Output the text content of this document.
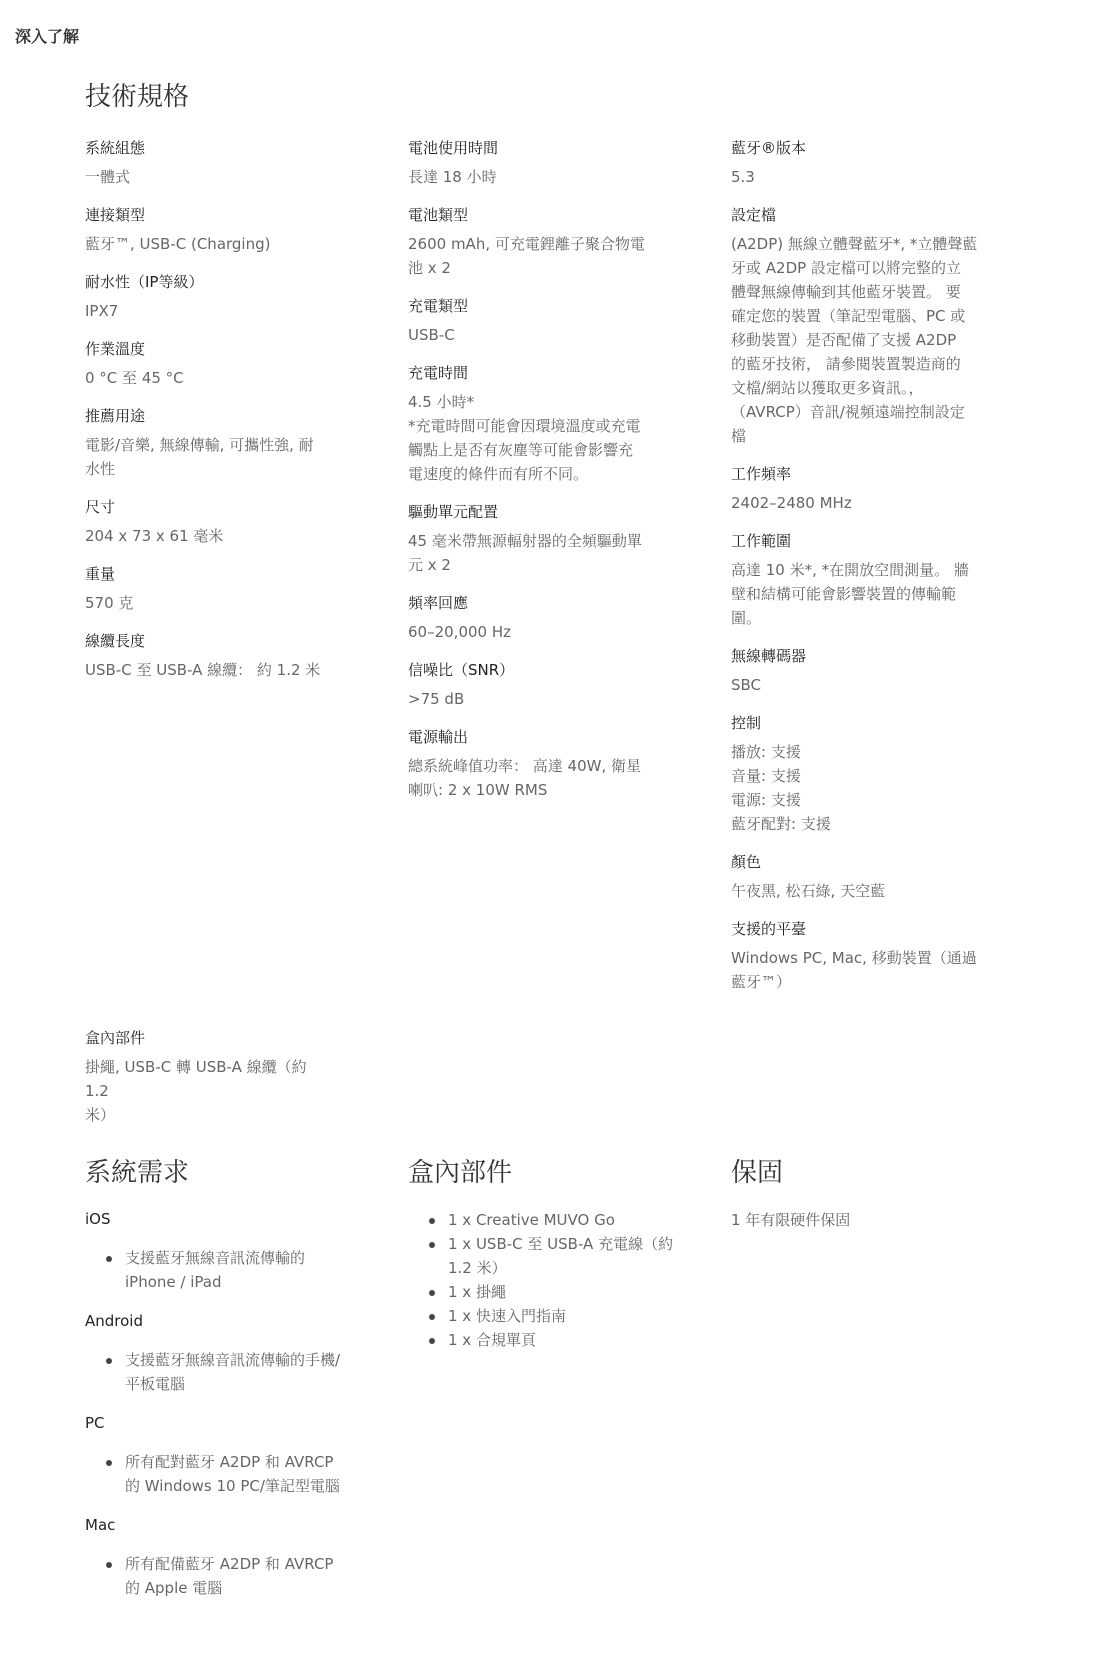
深入了解
技術規格
系統組態
一體式
連接類型
藍牙™, USB-C (Charging)
耐水性（IP等級）
IPX7
作業溫度
0 °C 至 45 °C
推薦用途
電影/音樂, 無線傳輸, 可攜性強, 耐
水性
尺寸
204 x 73 x 61 毫米
重量
570 克
線纜長度
USB-C 至 USB-A 線纜： 約 1.2 米
電池使用時間
長達 18 小時
電池類型
2600 mAh, 可充電鋰離子聚合物電
池 x 2
充電類型
USB-C
充電時間
4.5 小時*
*充電時間可能會因環境溫度或充電
觸點上是否有灰塵等可能會影響充
電速度的條件而有所不同。
驅動單元配置
45 毫米帶無源輻射器的全頻驅動單
元 x 2
頻率回應
60–20,000 Hz
信噪比（SNR）
>75 dB
電源輸出
總系統峰值功率： 高達 40W, 衛星
喇叭: 2 x 10W RMS
藍牙®版本
5.3
設定檔
(A2DP) 無線立體聲藍牙*, *立體聲藍
牙或 A2DP 設定檔可以將完整的立
體聲無線傳輸到其他藍牙裝置。 要
確定您的裝置（筆記型電腦、PC 或
移動裝置）是否配備了支援 A2DP
的藍牙技術， 請參閱裝置製造商的
文檔/網站以獲取更多資訊。，
（AVRCP）音訊/視頻遠端控制設定
檔
工作頻率
2402–2480 MHz
工作範圍
高達 10 米*, *在開放空間測量。 牆
壁和結構可能會影響裝置的傳輸範
圍。
無線轉碼器
SBC
控制
播放: 支援
音量: 支援
電源: 支援
藍牙配對: 支援
顏色
午夜黑, 松石綠, 天空藍
支援的平臺
Windows PC, Mac, 移動裝置（通過
藍牙™）
盒內部件
掛繩, USB-C 轉 USB-A 線纜（約 1.2
米）
系統需求
iOS
支援藍牙無線音訊流傳輸的 iPhone / iPad
Android
支援藍牙無線音訊流傳輸的手機/平板電腦
PC
所有配對藍牙 A2DP 和 AVRCP 的 Windows 10 PC/筆記型電腦
Mac
所有配備藍牙 A2DP 和 AVRCP 的 Apple 電腦
盒內部件
1 x Creative MUVO Go
1 x USB-C 至 USB-A 充電線（約 1.2 米）
1 x 掛繩
1 x 快速入門指南
1 x 合規單頁
保固
1 年有限硬件保固
